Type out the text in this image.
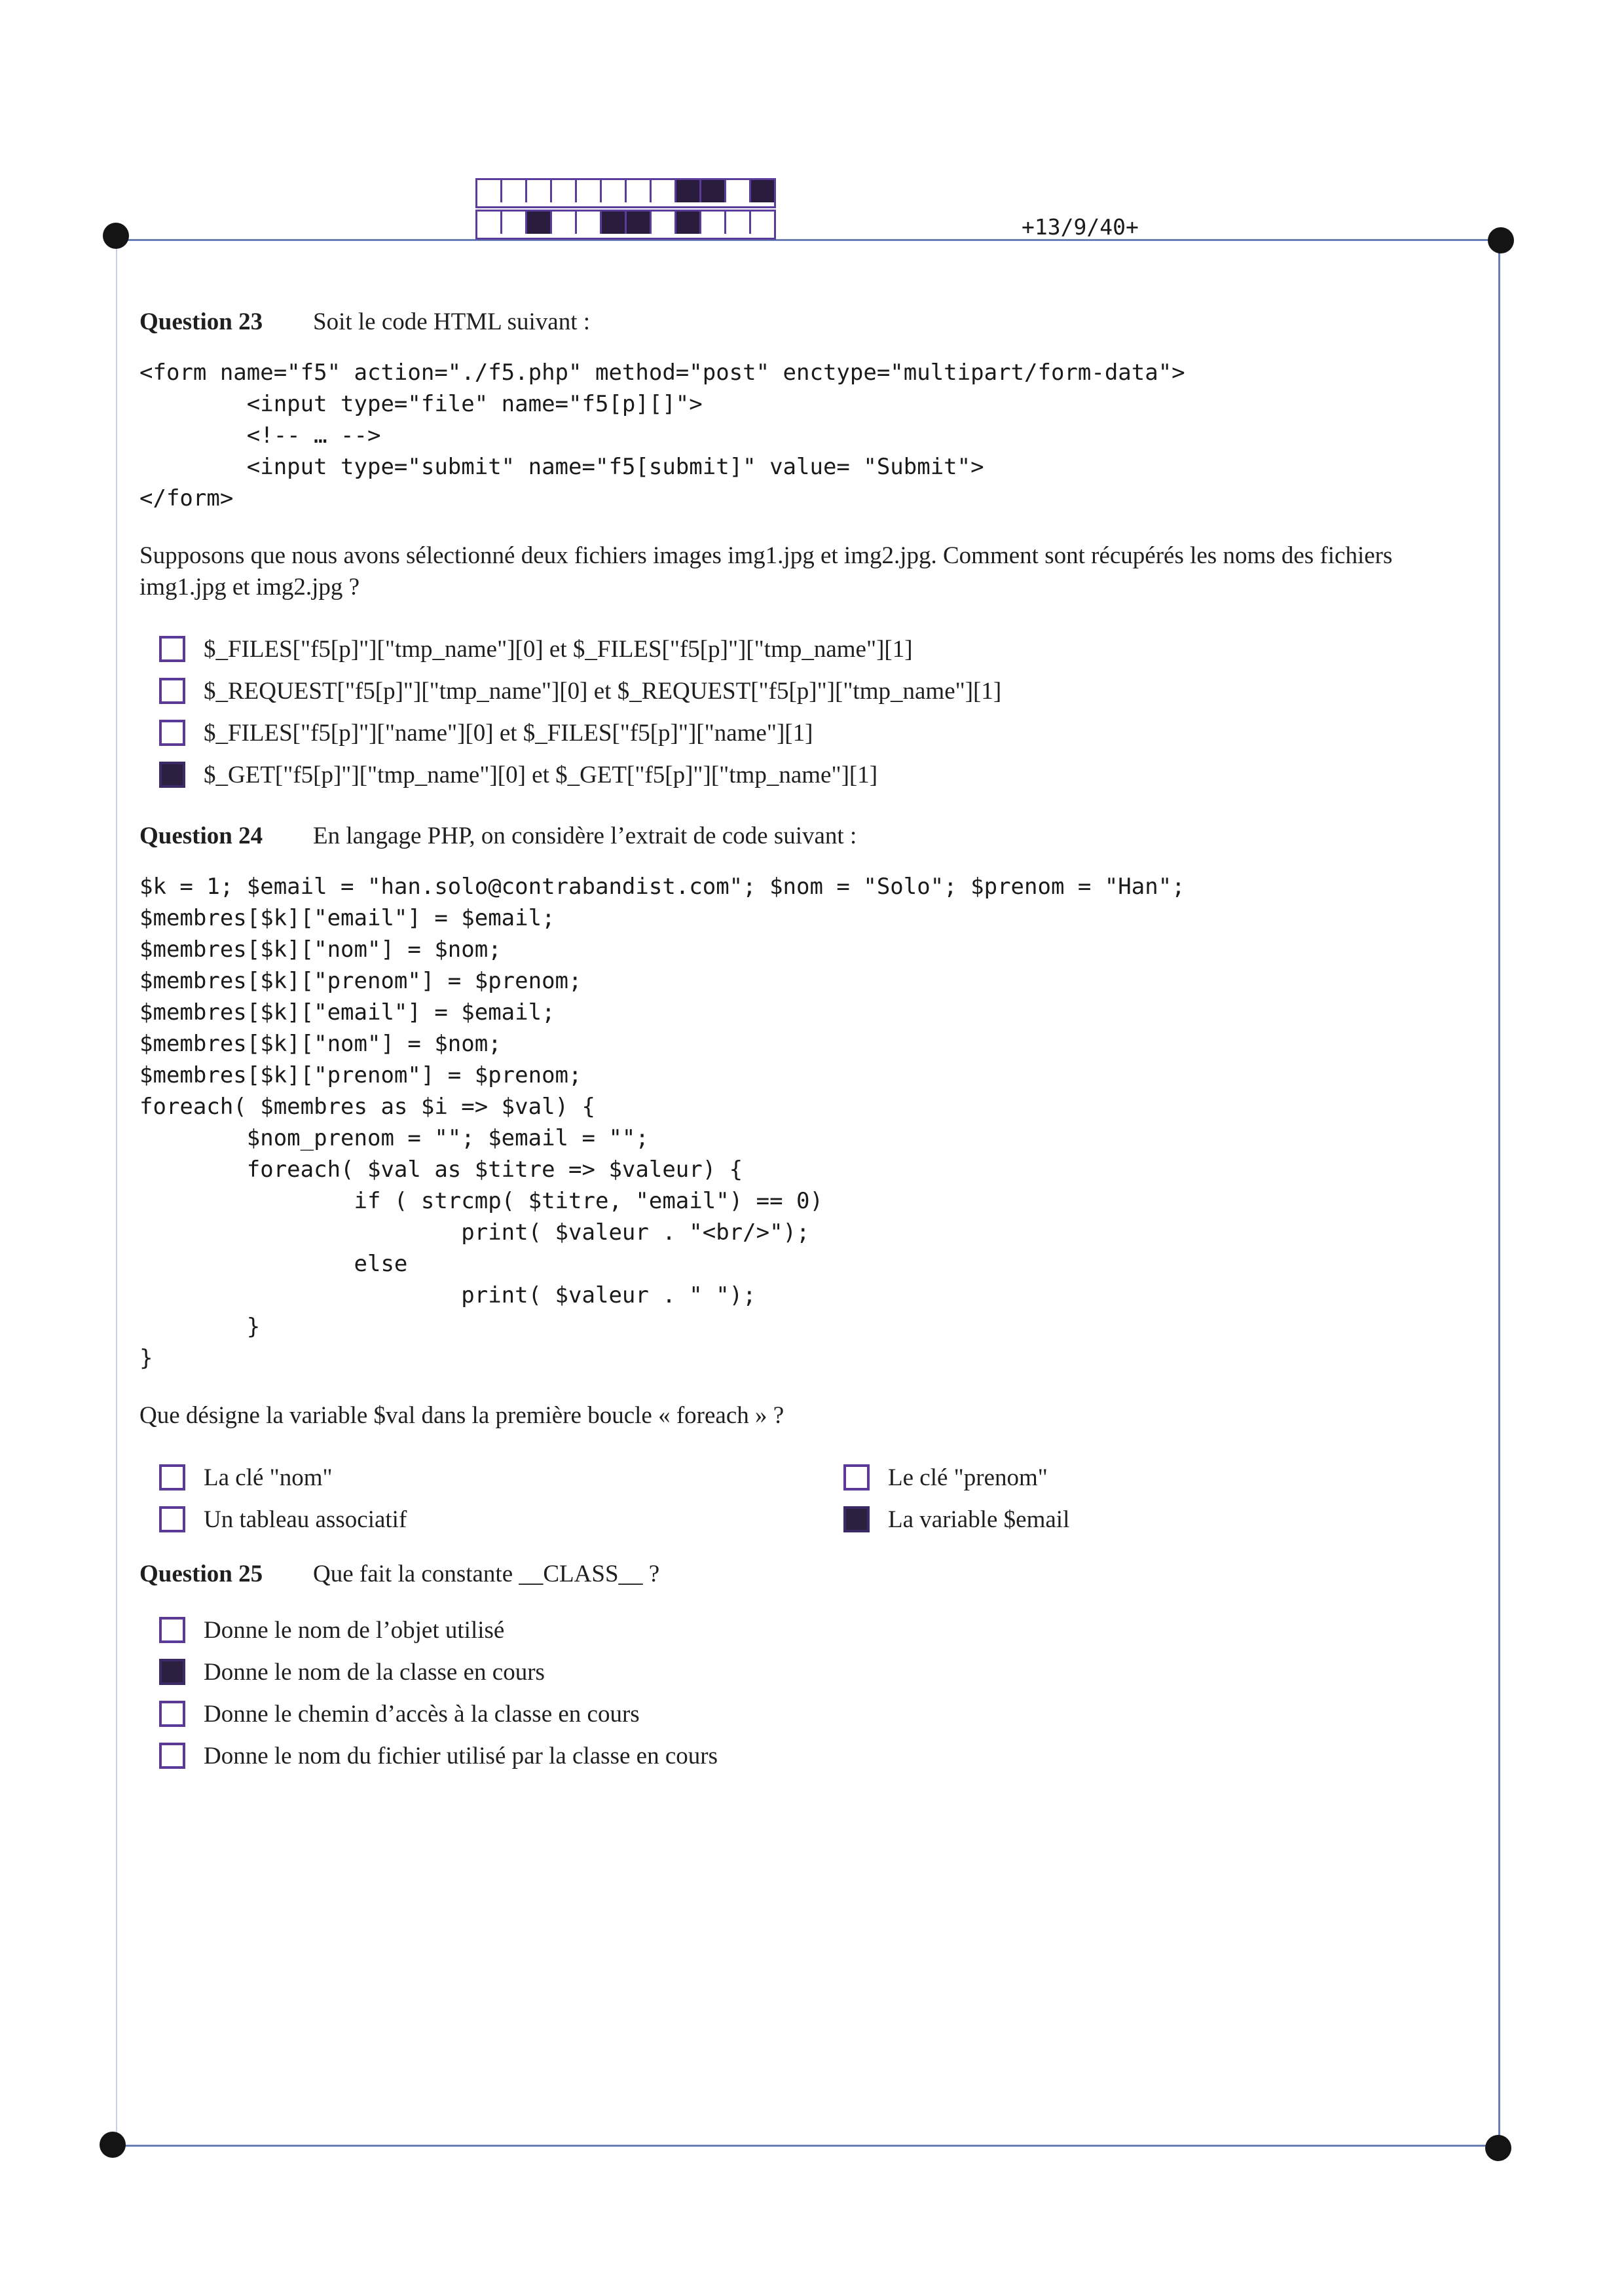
+13/9/40+
Question 23	Soit le code HTML suivant :
<form name="f5" action="./f5.php" method="post" enctype="multipart/form-data">
<input type="file" name="f5[p][]">
<!-- … -->
<input type="submit" name="f5[submit]" value= "Submit">
</form>
Supposons que nous avons sélectionné deux fichiers images img1.jpg et img2.jpg. Comment sont récupérés les noms des fichiers img1.jpg et img2.jpg ?
$_FILES["f5[p]"]["tmp_name"][0] et $_FILES["f5[p]"]["tmp_name"][1]
$_REQUEST["f5[p]"]["tmp_name"][0] et $_REQUEST["f5[p]"]["tmp_name"][1]
$_FILES["f5[p]"]["name"][0] et $_FILES["f5[p]"]["name"][1]
$_GET["f5[p]"]["tmp_name"][0] et $_GET["f5[p]"]["tmp_name"][1]
Question 24	En langage PHP, on considère l’extrait de code suivant :
$k = 1; $email = "han.solo@contrabandist.com"; $nom = "Solo"; $prenom = "Han";
$membres[$k]["email"] = $email;
$membres[$k]["nom"] = $nom;
$membres[$k]["prenom"] = $prenom;
$membres[$k]["email"] = $email;
$membres[$k]["nom"] = $nom;
$membres[$k]["prenom"] = $prenom;
foreach( $membres as $i => $val) {
$nom_prenom = ""; $email = "";
foreach( $val as $titre => $valeur) {
if ( strcmp( $titre, "email") == 0)
print( $valeur . "<br/>");
else
print( $valeur . " ");
}
}
Que désigne la variable $val dans la première boucle « foreach » ?
La clé "nom"	Le clé "prenom"
Un tableau associatif	La variable $email
Question 25	Que fait la constante __CLASS__ ?
Donne le nom de l’objet utilisé
Donne le nom de la classe en cours
Donne le chemin d’accès à la classe en cours
Donne le nom du fichier utilisé par la classe en cours
